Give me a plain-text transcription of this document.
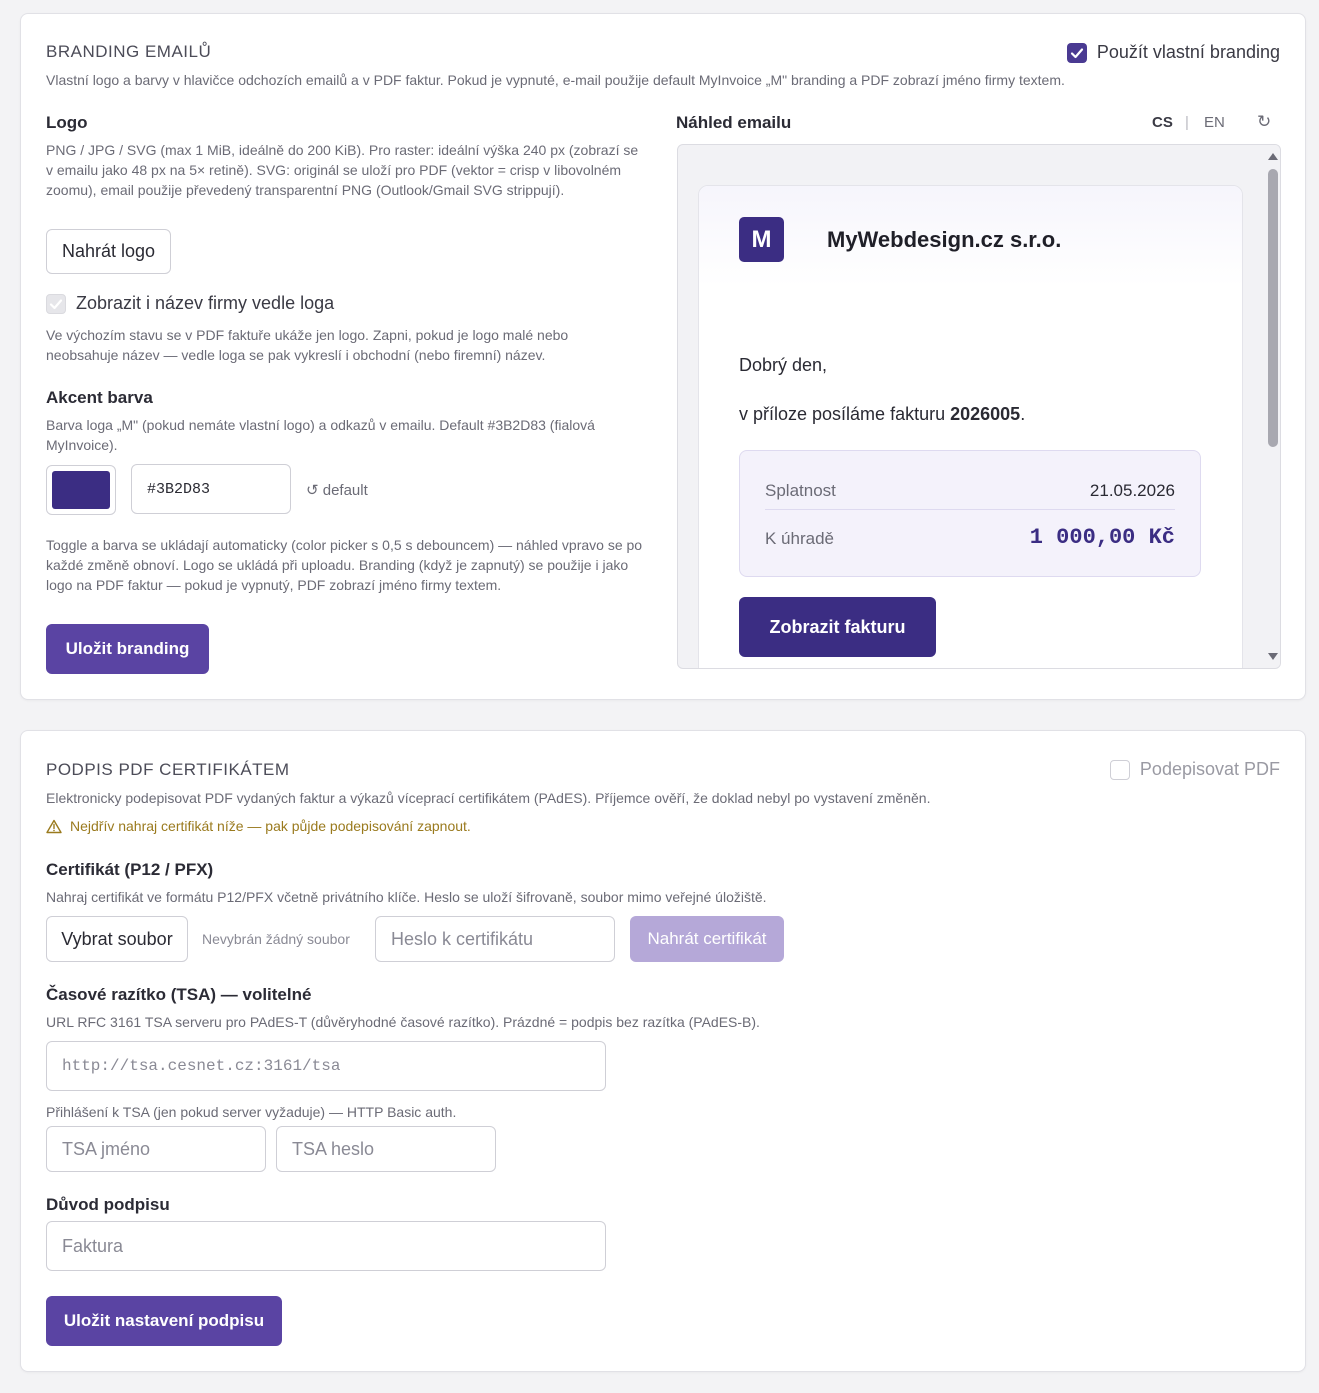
BRANDING EMAILŮ	Použít vlastní branding
Vlastní logo a barvy v hlavičce odchozích emailů a v PDF faktur. Pokud je vypnuté, e-mail použije default MyInvoice „M" branding a PDF zobrazí jméno firmy textem.
Logo
PNG / JPG / SVG (max 1 MiB, ideálně do 200 KiB). Pro raster: ideální výška 240 px (zobrazí se v emailu jako 48 px na 5× retině). SVG: originál se uloží pro PDF (vektor = crisp v libovolném zoomu), email použije převedený transparentní PNG (Outlook/Gmail SVG strippují).
Nahrát logo
Zobrazit i název firmy vedle loga
Ve výchozím stavu se v PDF faktuře ukáže jen logo. Zapni, pokud je logo malé nebo neobsahuje název — vedle loga se pak vykreslí i obchodní (nebo firemní) název.
Akcent barva
Barva loga „M" (pokud nemáte vlastní logo) a odkazů v emailu. Default #3B2D83 (fialová MyInvoice).
#3B2D83
↺ default
Toggle a barva se ukládají automaticky (color picker s 0,5 s debouncem) — náhled vpravo se po každé změně obnoví. Logo se ukládá při uploadu. Branding (když je zapnutý) se použije i jako logo na PDF faktur — pokud je vypnutý, PDF zobrazí jméno firmy textem.
Uložit branding
Náhled emailu	CS | EN ↻
M	MyWebdesign.cz s.r.o.
Dobrý den,
v příloze posíláme fakturu 2026005.
Splatnost	21.05.2026
K úhradě	1 000,00 Kč
Zobrazit fakturu
PODPIS PDF CERTIFIKÁTEM	Podepisovat PDF
Elektronicky podepisovat PDF vydaných faktur a výkazů víceprací certifikátem (PAdES). Příjemce ověří, že doklad nebyl po vystavení změněn.
Nejdřív nahraj certifikát níže — pak půjde podepisování zapnout.
Certifikát (P12 / PFX)
Nahraj certifikát ve formátu P12/PFX včetně privátního klíče. Heslo se uloží šifrovaně, soubor mimo veřejné úložiště.
Vybrat soubor	Nevybrán žádný soubor	Nahrát certifikát
Časové razítko (TSA) — volitelné
URL RFC 3161 TSA serveru pro PAdES-T (důvěryhodné časové razítko). Prázdné = podpis bez razítka (PAdES-B).
http://tsa.cesnet.cz:3161/tsa
Přihlášení k TSA (jen pokud server vyžaduje) — HTTP Basic auth.
TSA jméno
Důvod podpisu
Faktura
Uložit nastavení podpisu
